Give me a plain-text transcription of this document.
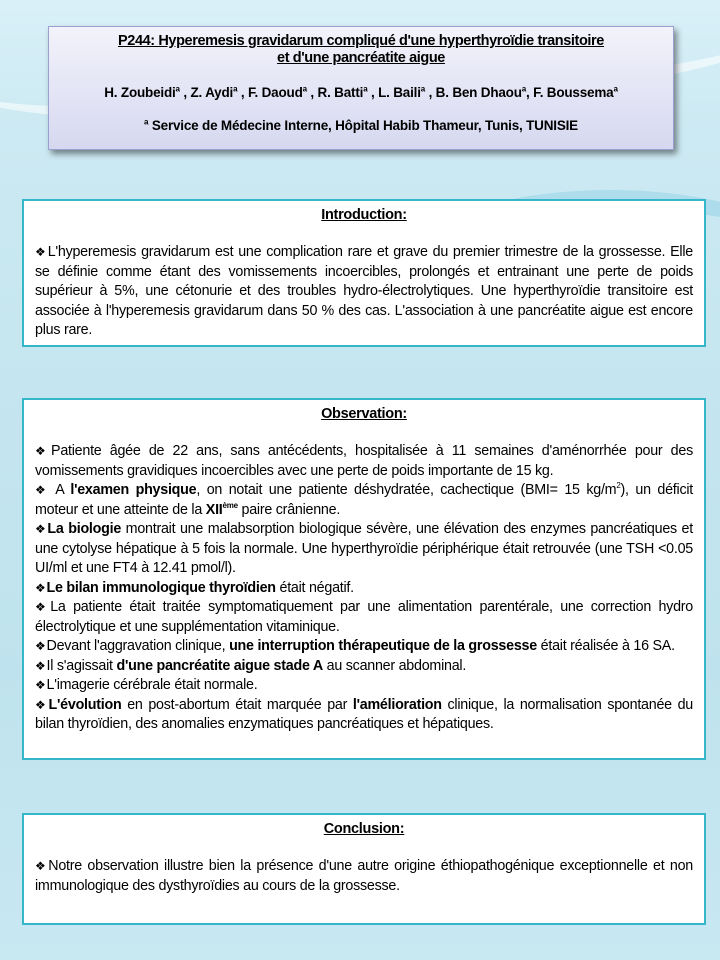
P244: Hyperemesis gravidarum compliqué d'une hyperthyroïdie transitoire
et d'une pancréatite aigue
H. Zoubeidi$^a$ , Z. Aydi$^a$ , F. Daoud$^a$ , R. Batti$^a$ , L. Baili$^a$ , B. Ben Dhaou$^a$, F. Boussema$^a$
$^a$ Service de Médecine Interne, Hôpital Habib Thameur, Tunis, TUNISIE
Introduction:

❖L'hyperemesis gravidarum est une complication rare et grave du premier trimestre de la grossesse. Elle se définie comme étant des vomissements incoercibles, prolongés et entrainant une perte de poids supérieur à 5%, une cétonurie et des troubles hydro-électrolytiques. Une hyperthyroïdie transitoire est associée à l'hyperemesis gravidarum dans 50 % des cas. L'association à une pancréatite aigue est encore plus rare.

Observation:

❖Patiente âgée de 22 ans, sans antécédents, hospitalisée à 11 semaines d'aménorrhée pour des vomissements gravidiques incoercibles avec une perte de poids importante de 15 kg.

❖ A l'examen physique, on notait une patiente déshydratée, cachectique (BMI= 15 $kg/m^2$), un déficit moteur et une atteinte de la XIIème paire crânienne.

❖La biologie montrait une malabsorption biologique sévère, une élévation des enzymes pancréatiques et une cytolyse hépatique à 5 fois la normale. Une hyperthyroïdie périphérique était retrouvée (une TSH <0.05 UI/ml et une FT4 à 12.41 pmol/l).

❖Le bilan immunologique thyroïdien était négatif.

❖La patiente était traitée symptomatiquement par une alimentation parentérale, une correction hydro électrolytique et une supplémentation vitaminique.

❖Devant l'aggravation clinique, une interruption thérapeutique de la grossesse était réalisée à 16 SA.

❖Il s'agissait d'une pancréatite aigue stade A au scanner abdominal.

❖L'imagerie cérébrale était normale.

❖L'évolution en post-abortum était marquée par l'amélioration clinique, la normalisation spontanée du bilan thyroïdien, des anomalies enzymatiques pancréatiques et hépatiques.

Conclusion:

❖Notre observation illustre bien la présence d'une autre origine éthiopathogénique exceptionnelle et non immunologique des dysthyroïdies au cours de la grossesse.
